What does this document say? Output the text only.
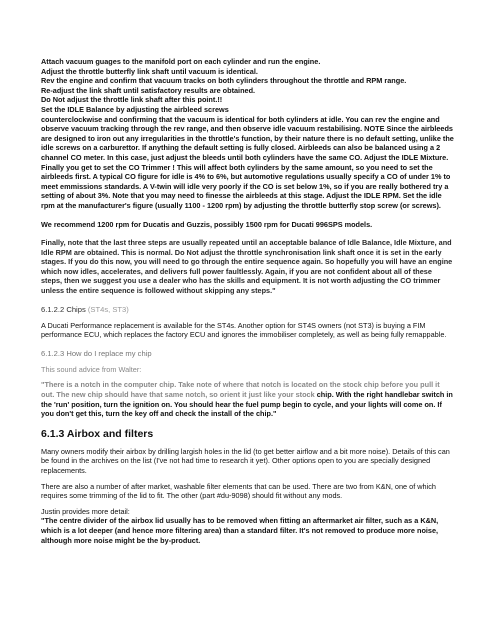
Attach vacuum guages to the manifold port on each cylinder and run the engine.
Adjust the throttle butterfly link shaft until vacuum is identical.
Rev the engine and confirm that vacuum tracks on both cylinders throughout the throttle and RPM range.
Re-adjust the link shaft until satisfactory results are obtained.
Do Not adjust the throttle link shaft after this point.!!
Set the IDLE Balance by adjusting the airbleed screws

counterclockwise and confirming that the vacuum is identical for both cylinders at idle. You can rev the engine and observe vacuum tracking through the rev range, and then observe idle vacuum restabilising. NOTE Since the airbleeds are designed to iron out any irregularities in the throttle's function, by their nature there is no default setting, unlike the idle screws on a carburettor. If anything the default setting is fully closed. Airbleeds can also be balanced using a 2 channel CO meter. In this case, just adjust the bleeds until both cylinders have the same CO. Adjust the IDLE Mixture. Finally you get to set the CO Trimmer ! This will affect both cylinders by the same amount, so you need to set the airbleeds first. A typical CO figure for idle is 4% to 6%, but automotive regulations usually specify a CO of under 1% to meet emmissions standards. A V-twin will idle very poorly if the CO is set below 1%, so if you are really bothered try a setting of about 3%. Note that you may need to finesse the airbleeds at this stage. Adjust the IDLE RPM. Set the idle rpm at the manufacturer's figure (usually 1100 - 1200 rpm) by adjusting the throttle butterfly stop screw (or screws).

We recommend 1200 rpm for Ducatis and Guzzis, possibly 1500 rpm for Ducati 996SPS models.

Finally, note that the last three steps are usually repeated until an acceptable balance of Idle Balance, Idle Mixture, and Idle RPM are obtained. This is normal. Do Not adjust the throttle synchronisation link shaft once it is set in the early stages. If you do this now, you will need to go through the entire sequence again. So hopefully you will have an engine which now idles, accelerates, and delivers full power faultlessly. Again, if you are not confident about all of these steps, then we suggest you use a dealer who has the skills and equipment. It is not worth adjusting the CO trimmer unless the entire sequence is followed without skipping any steps."

6.1.2.2 Chips (ST4s, ST3)

A Ducati Performance replacement is available for the ST4s. Another option for ST4S owners (not ST3) is buying a FIM performance ECU, which replaces the factory ECU and ignores the immobiliser completely, as well as being fully remappable.

6.1.2.3 How do I replace my chip

This sound advice from Walter:

"There is a notch in the computer chip. Take note of where that notch is located on the stock chip before you pull it out. The new chip should have that same notch, so orient it just like your stock chip. With the right handlebar switch in the 'run' position, turn the ignition on. You should hear the fuel pump begin to cycle, and your lights will come on. If you don't get this, turn the key off and check the install of the chip."

6.1.3 Airbox and filters

Many owners modify their airbox by drilling largish holes in the lid (to get better airflow and a bit more noise). Details of this can be found in the archives on the list (I've not had time to research it yet). Other options open to you are specially designed replacements.

There are also a number of after market, washable filter elements that can be used. There are two from K&N, one of which requires some trimming of the lid to fit. The other (part #du-9098) should fit without any mods.

Justin provides more detail:

"The centre divider of the airbox lid usually has to be removed when fitting an aftermarket air filter, such as a K&N, which is a lot deeper (and hence more filtering area) than a standard filter. It's not removed to produce more noise, although more noise might be the by-product.
